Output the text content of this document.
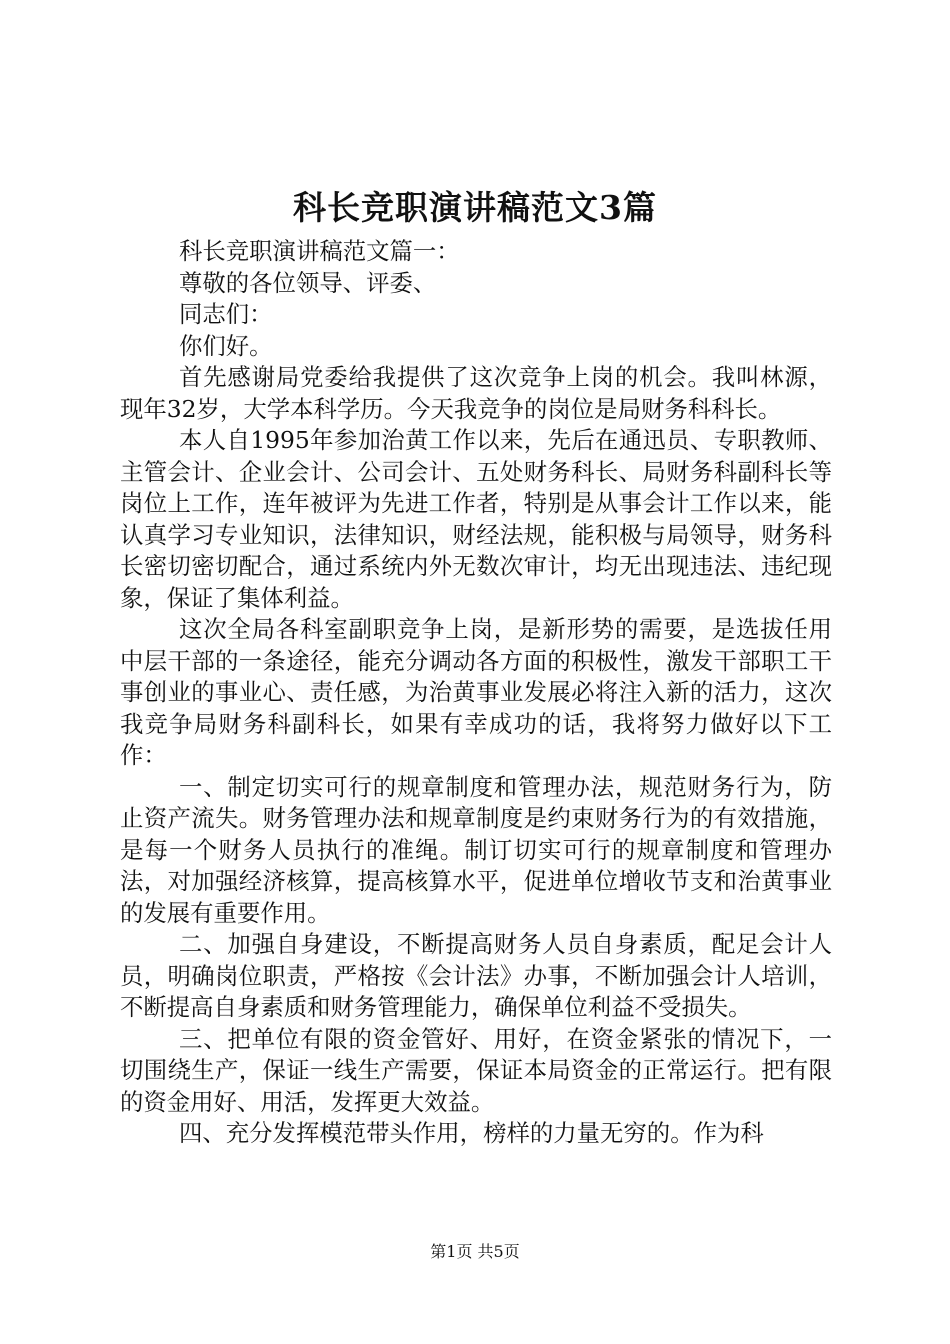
科长竞职演讲稿范文3篇
科长竞职演讲稿范文篇一：
尊敬的各位领导、评委、
同志们：
你们好。

首先感谢局党委给我提供了这次竞争上岗的机会。我叫林源，现年32岁，大学本科学历。今天我竞争的岗位是局财务科科长。

本人自1995年参加治黄工作以来，先后在通迅员、专职教师、主管会计、企业会计、公司会计、五处财务科长、局财务科副科长等岗位上工作，连年被评为先进工作者，特别是从事会计工作以来，能认真学习专业知识，法律知识，财经法规，能积极与局领导，财务科长密切密切配合，通过系统内外无数次审计，均无出现违法、违纪现象，保证了集体利益。

这次全局各科室副职竞争上岗，是新形势的需要，是选拔任用中层干部的一条途径，能充分调动各方面的积极性，激发干部职工干事创业的事业心、责任感，为治黄事业发展必将注入新的活力，这次我竞争局财务科副科长，如果有幸成功的话，我将努力做好以下工作：

一、制定切实可行的规章制度和管理办法，规范财务行为，防止资产流失。财务管理办法和规章制度是约束财务行为的有效措施，是每一个财务人员执行的准绳。制订切实可行的规章制度和管理办法，对加强经济核算，提高核算水平，促进单位增收节支和治黄事业的发展有重要作用。

二、加强自身建设，不断提高财务人员自身素质，配足会计人员，明确岗位职责，严格按《会计法》办事，不断加强会计人培训，不断提高自身素质和财务管理能力，确保单位利益不受损失。

三、把单位有限的资金管好、用好，在资金紧张的情况下，一切围绕生产，保证一线生产需要，保证本局资金的正常运行。把有限的资金用好、用活，发挥更大效益。

四、充分发挥模范带头作用，榜样的力量无穷的。作为科

第1页 共5页
